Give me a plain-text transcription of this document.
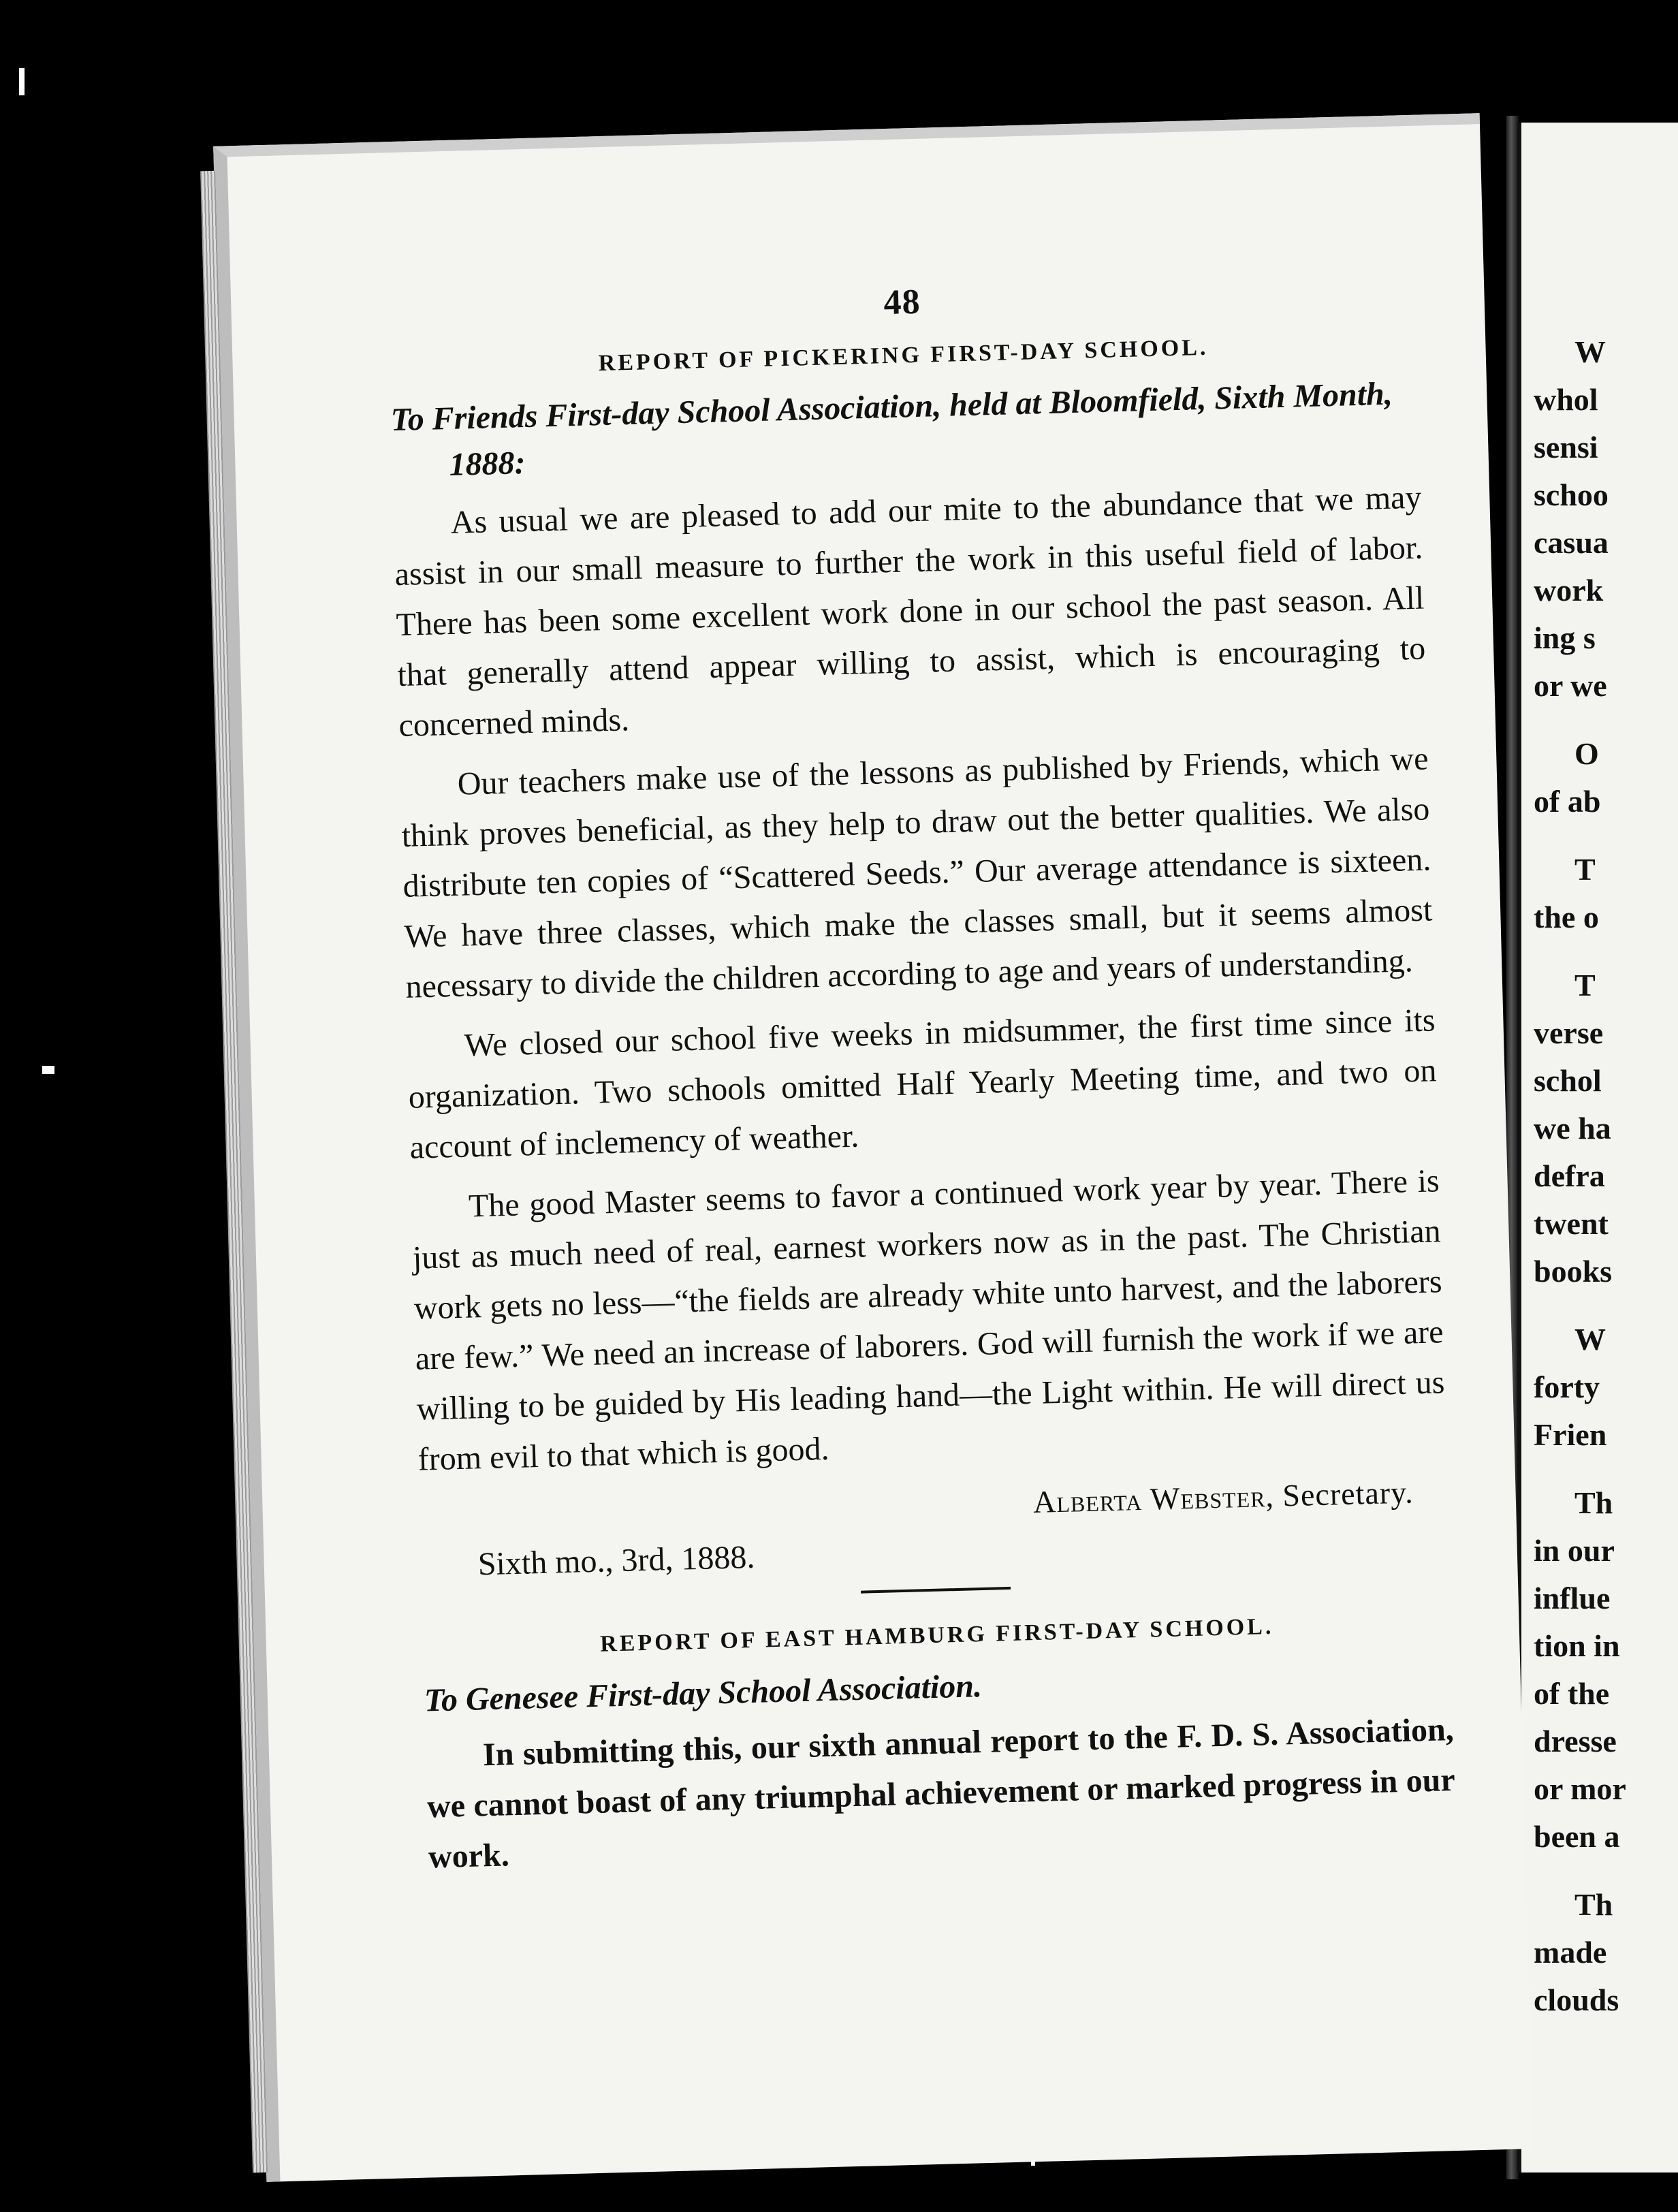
W
whol
sensi
schoo
casua
work
ing s
or we
O
of ab
T
the o
T
verse
schol
we ha
defra
twent
books
W
forty
Frien
Th
in our
influe
tion in
of the
dresse
or mor
been a
Th
made
clouds
48
REPORT OF PICKERING FIRST-DAY SCHOOL.
To Friends First-day School Association, held at Bloomfield, Sixth Month, 1888:

As usual we are pleased to add our mite to the abundance that we may assist in our small measure to further the work in this useful field of labor. There has been some excellent work done in our school the past season. All that generally attend appear willing to assist, which is encouraging to concerned minds.

Our teachers make use of the lessons as published by Friends, which we think proves beneficial, as they help to draw out the better qualities. We also distribute ten copies of “Scattered Seeds.” Our average attendance is sixteen. We have three classes, which make the classes small, but it seems almost necessary to divide the children according to age and years of understanding.

We closed our school five weeks in midsummer, the first time since its organization. Two schools omitted Half Yearly Meeting time, and two on account of inclemency of weather.

The good Master seems to favor a continued work year by year. There is just as much need of real, earnest workers now as in the past. The Christian work gets no less—“the fields are already white unto harvest, and the laborers are few.” We need an increase of laborers. God will furnish the work if we are willing to be guided by His leading hand—the Light within. He will direct us from evil to that which is good.

Alberta Webster, Secretary.
Sixth mo., 3rd, 1888.
REPORT OF EAST HAMBURG FIRST-DAY SCHOOL.
To Genesee First-day School Association.

In submitting this, our sixth annual report to the F. D. S. Association, we cannot boast of any triumphal achievement or marked progress in our work.
